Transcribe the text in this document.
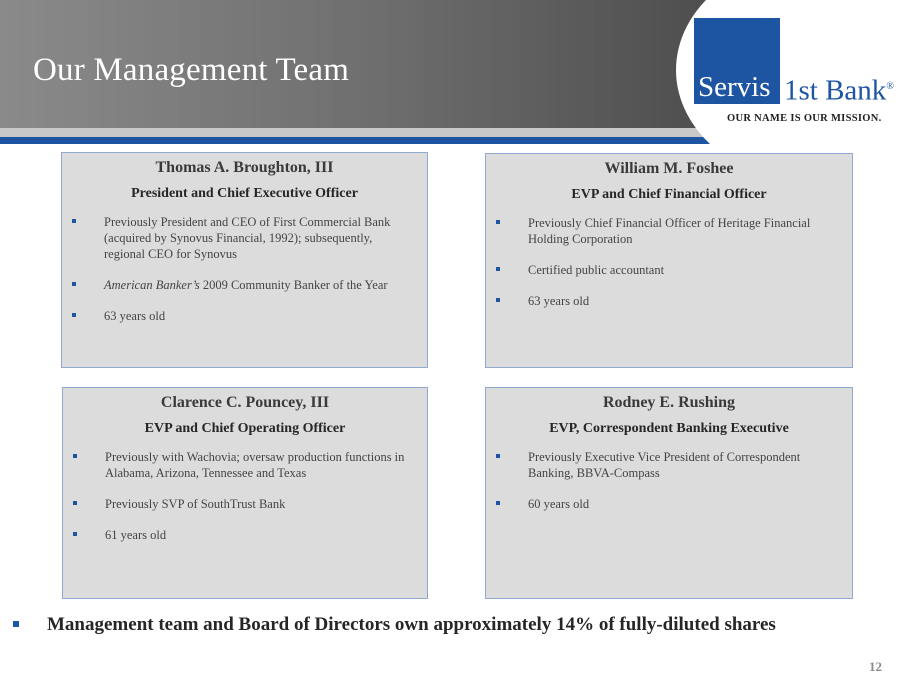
Our Management Team	Servis 1st Bank®
OUR NAME IS OUR MISSION.
Thomas A. Broughton, III
President and Chief Executive Officer
Previously President and CEO of First Commercial Bank (acquired by Synovus Financial, 1992); subsequently, regional CEO for Synovus
American Banker’s 2009 Community Banker of the Year
63 years old
William M. Foshee
EVP and Chief Financial Officer
Previously Chief Financial Officer of Heritage Financial Holding Corporation
Certified public accountant
63 years old
Clarence C. Pouncey, III
EVP and Chief Operating Officer
Previously with Wachovia; oversaw production functions in Alabama, Arizona, Tennessee and Texas
Previously SVP of SouthTrust Bank
61 years old
Rodney E. Rushing
EVP, Correspondent Banking Executive
Previously Executive Vice President of Correspondent Banking, BBVA-Compass
60 years old
Management team and Board of Directors own approximately 14% of fully-diluted shares
12
